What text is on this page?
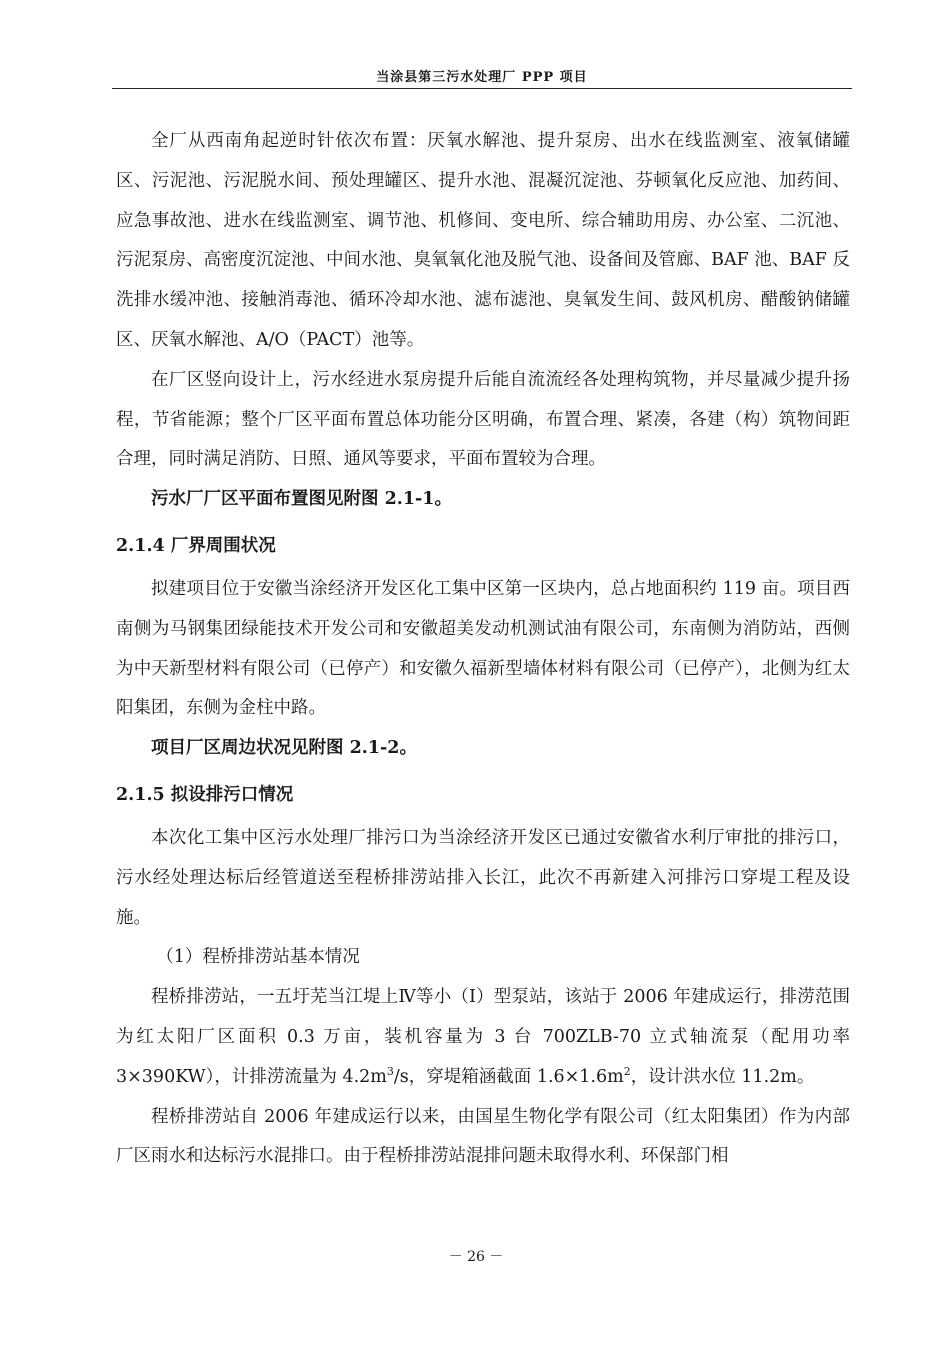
当涂县第三污水处理厂 PPP 项目

全厂从西南角起逆时针依次布置：厌氧水解池、提升泵房、出水在线监测室、液氧储罐区、污泥池、污泥脱水间、预处理罐区、提升水池、混凝沉淀池、芬顿氧化反应池、加药间、应急事故池、进水在线监测室、调节池、机修间、变电所、综合辅助用房、办公室、二沉池、污泥泵房、高密度沉淀池、中间水池、臭氧氧化池及脱气池、设备间及管廊、BAF 池、BAF 反洗排水缓冲池、接触消毒池、循环冷却水池、滤布滤池、臭氧发生间、鼓风机房、醋酸钠储罐区、厌氧水解池、A/O（PACT）池等。

在厂区竖向设计上，污水经进水泵房提升后能自流流经各处理构筑物，并尽量减少提升扬程，节省能源；整个厂区平面布置总体功能分区明确，布置合理、紧凑，各建（构）筑物间距合理，同时满足消防、日照、通风等要求，平面布置较为合理。

污水厂厂区平面布置图见附图 2.1-1。

2.1.4 厂界周围状况

拟建项目位于安徽当涂经济开发区化工集中区第一区块内，总占地面积约 119 亩。项目西南侧为马钢集团绿能技术开发公司和安徽超美发动机测试油有限公司，东南侧为消防站，西侧为中天新型材料有限公司（已停产）和安徽久福新型墙体材料有限公司（已停产），北侧为红太阳集团，东侧为金柱中路。

项目厂区周边状况见附图 2.1-2。

2.1.5 拟设排污口情况

本次化工集中区污水处理厂排污口为当涂经济开发区已通过安徽省水利厅审批的排污口，污水经处理达标后经管道送至程桥排涝站排入长江，此次不再新建入河排污口穿堤工程及设施。

（1）程桥排涝站基本情况

程桥排涝站，一五圩芜当江堤上Ⅳ等小（Ⅰ）型泵站，该站于 2006 年建成运行，排涝范围为红太阳厂区面积 0.3 万亩，装机容量为 3 台 700ZLB-70 立式轴流泵（配用功率 3×390KW），计排涝流量为 $4.2m^3/s$，穿堤箱涵截面 $1.6\times 1.6m^2$，设计洪水位 11.2m。

程桥排涝站自 2006 年建成运行以来，由国星生物化学有限公司（红太阳集团）作为内部厂区雨水和达标污水混排口。由于程桥排涝站混排问题未取得水利、环保部门相

－ 26 －
